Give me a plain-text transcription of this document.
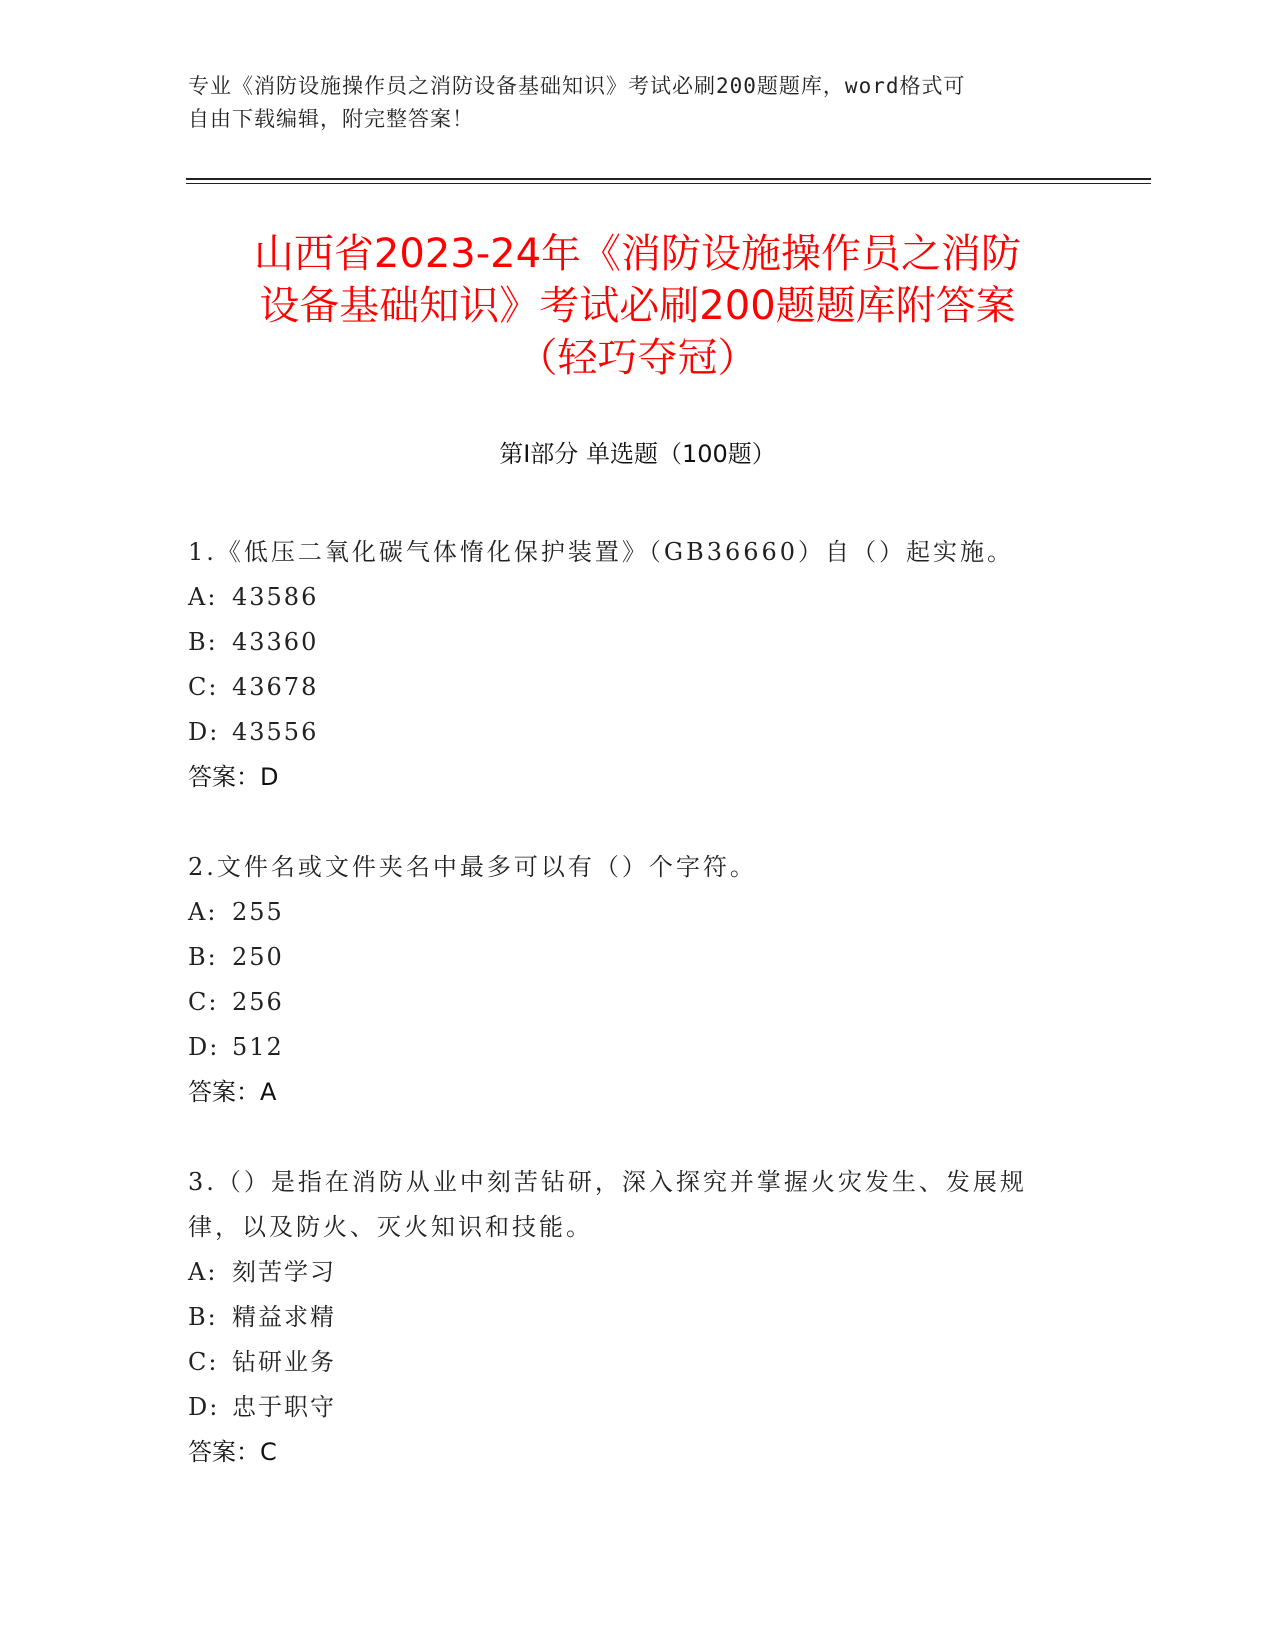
专业《消防设施操作员之消防设备基础知识》考试必刷200题题库，word格式可
自由下载编辑，附完整答案！
山西省2023-24年《消防设施操作员之消防
设备基础知识》考试必刷200题题库附答案
（轻巧夺冠）
第I部分 单选题（100题）
1.《低压二氧化碳气体惰化保护装置》（GB36660）自（）起实施。
A: 43586
B: 43360
C: 43678
D: 43556
答案：D
2.文件名或文件夹名中最多可以有（）个字符。
A: 255
B: 250
C: 256
D: 512
答案：A
3.（）是指在消防从业中刻苦钻研，深入探究并掌握火灾发生、发展规律，以及防火、灭火知识和技能。
A: 刻苦学习
B: 精益求精
C: 钻研业务
D: 忠于职守
答案：C
